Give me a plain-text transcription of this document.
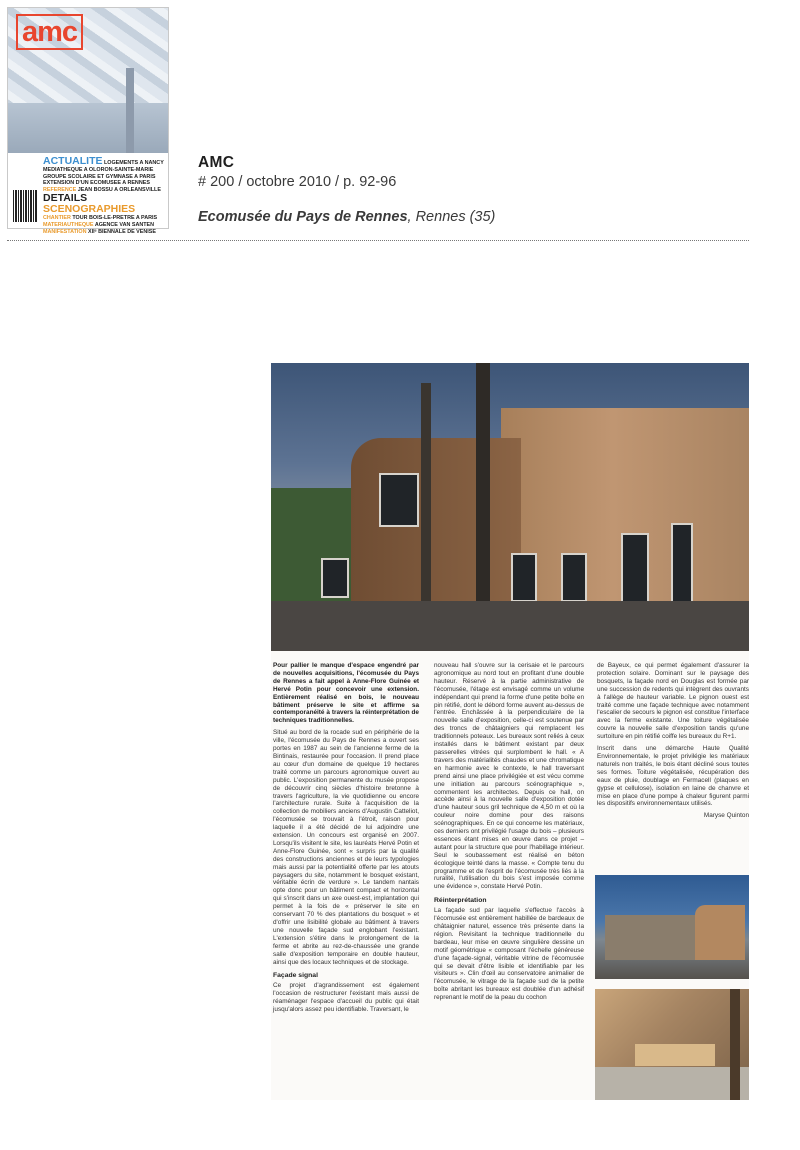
amc
ACTUALITE LOGEMENTS A NANCY
MEDIATHEQUE A OLORON-SAINTE-MARIE
GROUPE SCOLAIRE ET GYMNASE A PARIS
EXTENSION D'UN ECOMUSEE A RENNES
REFERENCE JEAN BOSSU A ORLEANSVILLE
DETAILS SCENOGRAPHIES
CHANTIER TOUR BOIS-LE-PRETRE A PARIS
MATERIAUTHEQUE AGENCE VAN SANTEN
MANIFESTATION XIIᵉ BIENNALE DE VENISE
AMC
# 200 / octobre 2010 / p. 92-96
Ecomusée du Pays de Rennes, Rennes (35)

Pour pallier le manque d'espace engendré par de nouvelles acquisitions, l'écomusée du Pays de Rennes a fait appel à Anne-Flore Guinée et Hervé Potin pour concevoir une extension. Entièrement réalisé en bois, le nouveau bâtiment préserve le site et affirme sa contemporanéité à travers la réinterprétation de techniques traditionnelles.

Situé au bord de la rocade sud en périphérie de la ville, l'écomusée du Pays de Rennes a ouvert ses portes en 1987 au sein de l'ancienne ferme de la Bintinais, restaurée pour l'occasion. Il prend place au cœur d'un domaine de quelque 19 hectares traité comme un parcours agronomique ouvert au public. L'exposition permanente du musée propose de découvrir cinq siècles d'histoire bretonne à travers l'agriculture, la vie quotidienne ou encore l'architecture rurale. Suite à l'acquisition de la collection de mobiliers anciens d'Augustin Catteliot, l'écomusée se trouvait à l'étroit, raison pour laquelle il a été décidé de lui adjoindre une extension. Un concours est organisé en 2007. Lorsqu'ils visitent le site, les lauréats Hervé Potin et Anne-Flore Guinée, sont « surpris par la qualité des constructions anciennes et de leurs typologies mais aussi par la potentialité offerte par les atouts paysagers du site, notamment le bosquet existant, véritable écrin de verdure ». Le tandem nantais opte donc pour un bâtiment compact et horizontal qui s'inscrit dans un axe ouest-est, implantation qui permet à la fois de « préserver le site en conservant 70 % des plantations du bosquet » et d'offrir une lisibilité globale au bâtiment à travers une nouvelle façade sud englobant l'existant. L'extension s'étire dans le prolongement de la ferme et abrite au rez-de-chaussée une grande salle d'exposition temporaire en double hauteur, ainsi que des locaux techniques et de stockage.

Façade signal

Ce projet d'agrandissement est également l'occasion de restructurer l'existant mais aussi de réaménager l'espace d'accueil du public qui était jusqu'alors assez peu identifiable. Traversant, le

nouveau hall s'ouvre sur la cerisaie et le parcours agronomique au nord tout en profitant d'une double hauteur. Réservé à la partie administrative de l'écomusée, l'étage est envisagé comme un volume indépendant qui prend la forme d'une petite boîte en pin rétifié, dont le débord forme auvent au-dessus de l'entrée. Enchâssée à la perpendiculaire de la nouvelle salle d'exposition, celle-ci est soutenue par des troncs de châtaigniers qui remplacent les traditionnels poteaux. Les bureaux sont reliés à ceux installés dans le bâtiment existant par deux passerelles vitrées qui surplombent le hall. « A travers des matérialités chaudes et une chromatique en harmonie avec le contexte, le hall traversant prend ainsi une place privilégiée et est vécu comme une initiation au parcours scénographique », commentent les architectes. Depuis ce hall, on accède ainsi à la nouvelle salle d'exposition dotée d'une hauteur sous gril technique de 4,50 m et où la couleur noire domine pour des raisons scénographiques. En ce qui concerne les matériaux, ces derniers ont privilégié l'usage du bois – plusieurs essences étant mises en œuvre dans ce projet – autant pour la structure que pour l'habillage intérieur. Seul le soubassement est réalisé en béton écologique teinté dans la masse. « Compte tenu du programme et de l'esprit de l'écomusée très liés à la ruralité, l'utilisation du bois s'est imposée comme une évidence », constate Hervé Potin.

Réinterprétation

La façade sud par laquelle s'effectue l'accès à l'écomusée est entièrement habillée de bardeaux de châtaignier naturel, essence très présente dans la région. Revisitant la technique traditionnelle du bardeau, leur mise en œuvre singulière dessine un motif géométrique « composant l'échelle généreuse d'une façade-signal, véritable vitrine de l'écomusée qui se devait d'être lisible et identifiable par les visiteurs ». Clin d'œil au conservatoire animalier de l'écomusée, le vitrage de la façade sud de la petite boîte abritant les bureaux est doublée d'un adhésif reprenant le motif de la peau du cochon

de Bayeux, ce qui permet également d'assurer la protection solaire. Dominant sur le paysage des bosquets, la façade nord en Douglas est formée par une succession de redents qui intègrent des ouvrants à l'allège de hauteur variable. Le pignon ouest est traité comme une façade technique avec notamment l'escalier de secours le pignon est constitue l'interface avec la ferme existante. Une toiture végétalisée couvre la nouvelle salle d'exposition tandis qu'une surtoiture en pin rétifié coiffe les bureaux du R+1.

Inscrit dans une démarche Haute Qualité Environnementale, le projet privilégie les matériaux naturels non traités, le bois étant décliné sous toutes ses formes. Toiture végétalisée, récupération des eaux de pluie, doublage en Fermacell (plaques en gypse et cellulose), isolation en laine de chanvre et mise en place d'une pompe à chaleur figurent parmi les dispositifs environnementaux utilisés.

Maryse Quinton
